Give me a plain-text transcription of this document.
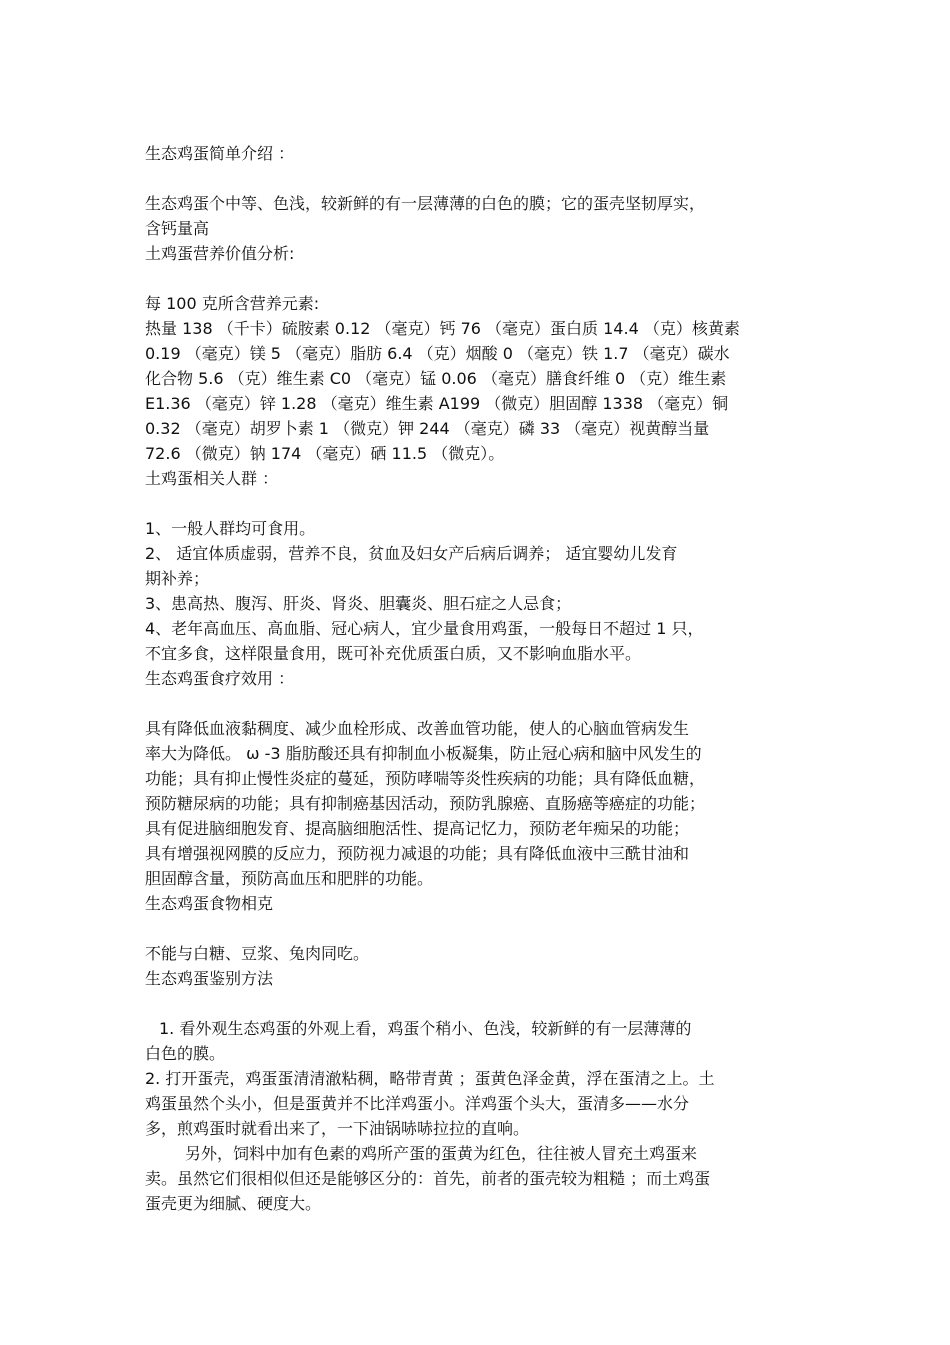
生态鸡蛋简单介绍 ：
生态鸡蛋个中等、色浅，较新鲜的有一层薄薄的白色的膜；它的蛋壳坚韧厚实，
含钙量高
土鸡蛋营养价值分析:
每 100 克所含营养元素:
热量 138 （千卡）硫胺素 0.12 （毫克）钙 76 （毫克）蛋白质 14.4 （克）核黄素
0.19 （毫克）镁 5 （毫克）脂肪 6.4 （克）烟酸 0 （毫克）铁 1.7 （毫克）碳水
化合物 5.6 （克）维生素 C0 （毫克）锰 0.06 （毫克）膳食纤维 0 （克）维生素
E1.36 （毫克）锌 1.28 （毫克）维生素 A199 （微克）胆固醇 1338 （毫克）铜
0.32 （毫克）胡罗卜素 1 （微克）钾 244 （毫克）磷 33 （毫克）视黄醇当量
72.6 （微克）钠 174 （毫克）硒 11.5 （微克）。
土鸡蛋相关人群 ：
1、一般人群均可食用。
2、 适宜体质虚弱，营养不良，贫血及妇女产后病后调养； 适宜婴幼儿发育
期补养；
3、患高热、腹泻、肝炎、肾炎、胆囊炎、胆石症之人忌食；
4、老年高血压、高血脂、冠心病人，宜少量食用鸡蛋，一般每日不超过 1 只，
不宜多食，这样限量食用，既可补充优质蛋白质，又不影响血脂水平。
生态鸡蛋食疗效用 ：
具有降低血液黏稠度、减少血栓形成、改善血管功能，使人的心脑血管病发生
率大为降低。 ω -3 脂肪酸还具有抑制血小板凝集，防止冠心病和脑中风发生的
功能；具有抑止慢性炎症的蔓延，预防哮喘等炎性疾病的功能；具有降低血糖，
预防糖尿病的功能；具有抑制癌基因活动，预防乳腺癌、直肠癌等癌症的功能；
具有促进脑细胞发育、提高脑细胞活性、提高记忆力，预防老年痴呆的功能；
具有增强视网膜的反应力，预防视力减退的功能；具有降低血液中三酰甘油和
胆固醇含量，预防高血压和肥胖的功能。
生态鸡蛋食物相克
不能与白糖、豆浆、兔肉同吃。
生态鸡蛋鉴别方法
1. 看外观生态鸡蛋的外观上看，鸡蛋个稍小、色浅，较新鲜的有一层薄薄的
白色的膜。
2. 打开蛋壳，鸡蛋蛋清清澈粘稠，略带青黄 ；蛋黄色泽金黄，浮在蛋清之上。土
鸡蛋虽然个头小，但是蛋黄并不比洋鸡蛋小。洋鸡蛋个头大，蛋清多——水分
多，煎鸡蛋时就看出来了，一下油锅哧哧拉拉的直响。
另外，饲料中加有色素的鸡所产蛋的蛋黄为红色，往往被人冒充土鸡蛋来
卖。虽然它们很相似但还是能够区分的：首先，前者的蛋壳较为粗糙 ；而土鸡蛋
蛋壳更为细腻、硬度大。
